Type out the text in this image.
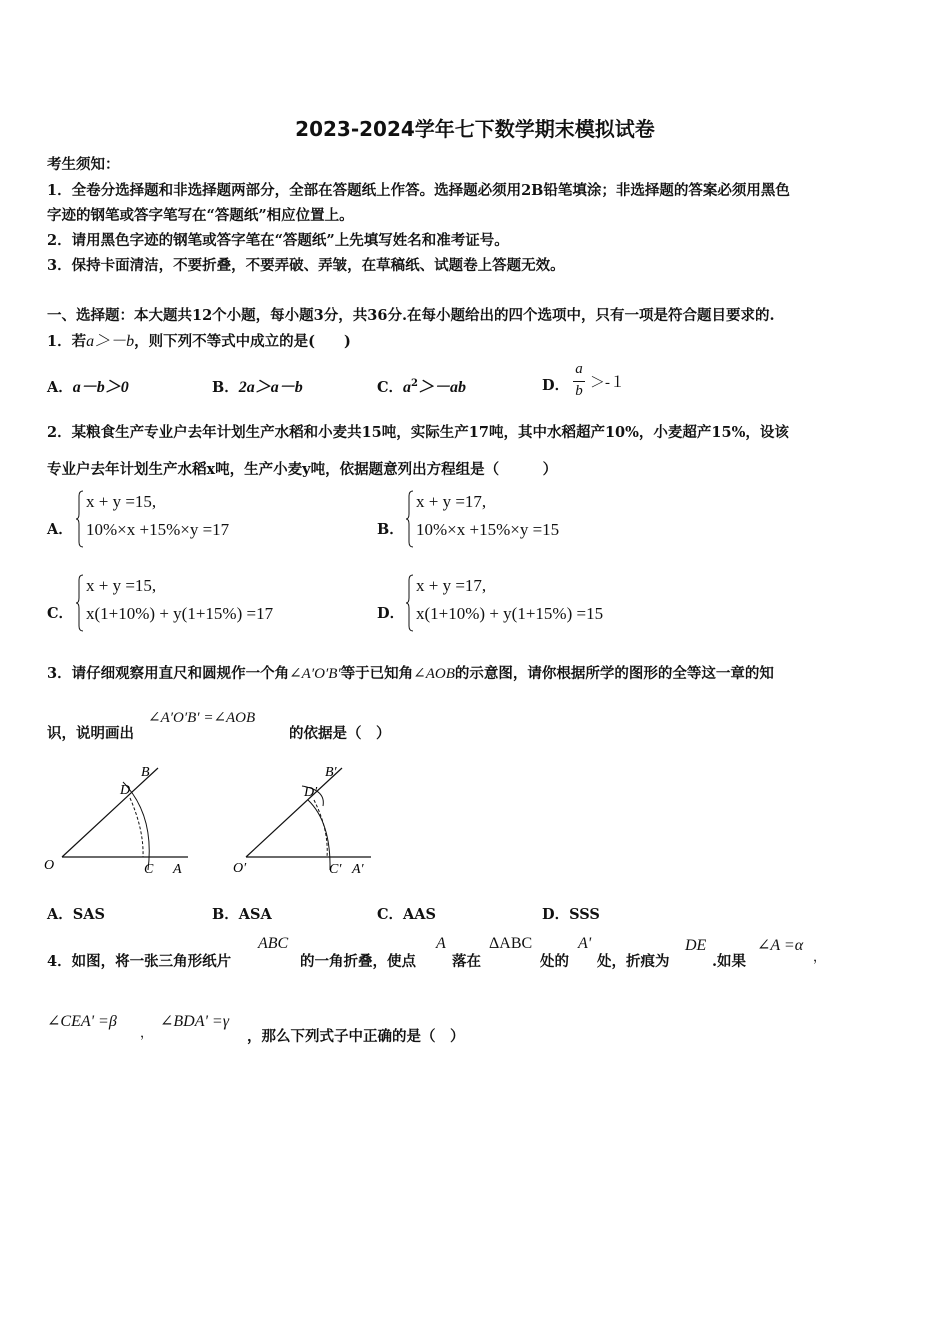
2023-2024学年七下数学期末模拟试卷
考生须知：
1．全卷分选择题和非选择题两部分，全部在答题纸上作答。选择题必须用2B铅笔填涂；非选择题的答案必须用黑色
字迹的钢笔或答字笔写在“答题纸”相应位置上。
2．请用黑色字迹的钢笔或答字笔在“答题纸”上先填写姓名和准考证号。
3．保持卡面清洁，不要折叠，不要弄破、弄皱，在草稿纸、试题卷上答题无效。
一、选择题：本大题共12个小题，每小题3分，共36分.在每小题给出的四个选项中，只有一项是符合题目要求的.
1．若a＞－b，则下列不等式中成立的是(　　)
A．a－b＞0	B．2a＞a－b	C．$a^2>-ab$	D．
a
b ＞-１
2．某粮食生产专业户去年计划生产水稻和小麦共15吨，实际生产17吨，其中水稻超产10%，小麦超产15%，设该
专业户去年计划生产水稻x吨，生产小麦y吨，依据题意列出方程组是（　　　）
A．
x + y =15,
10%×x +15%×y =17	B．
x + y =17,
10%×x +15%×y =15
C．
x + y =15,
x(1+10%) + y(1+15%) =17	D．
x + y =17,
x(1+10%) + y(1+15%) =15
3．请仔细观察用直尺和圆规作一个角∠A′O′B′等于已知角∠AOB的示意图，请你根据所学的图形的全等这一章的知
识，说明画出
∠A′O′B′ =∠AOB
的依据是（　）
O	A
B
C
D
O′	A′
B′
C′
D′
A．SAS	B．ASA	C．AAS	D．SSS
4．如图，将一张三角形纸片
ABC
的一角折叠，使点
A
落在
ΔABC
处的
A'
处，折痕为
DE
.如果
∠A =α
，
∠CEA' =β
，
∠BDA' =γ
，那么下列式子中正确的是（　）
